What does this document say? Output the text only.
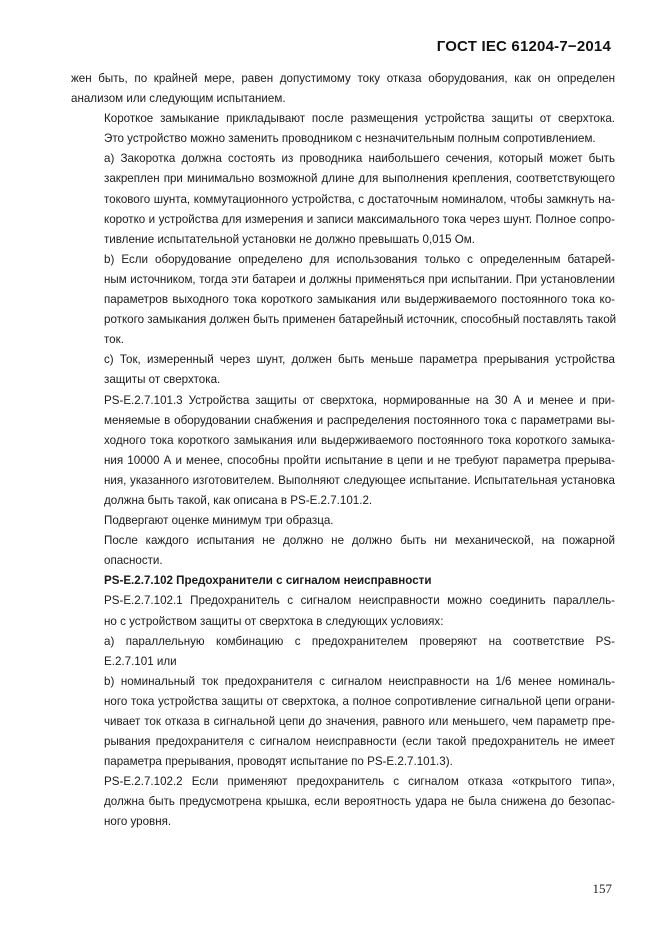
ГОСТ IEC 61204-7−2014

жен быть, по крайней мере, равен допустимому току отказа оборудования, как он определен
анализом или следующим испытанием.

Короткое замыкание прикладывают после размещения устройства защиты от сверхтока.
Это устройство можно заменить проводником с незначительным полным сопротивлением.

a) Закоротка должна состоять из проводника наибольшего сечения, который может быть
закреплен при минимально возможной длине для выполнения крепления, соответствующего
токового шунта, коммутационного устройства, с достаточным номиналом, чтобы замкнуть на-
коротко и устройства для измерения и записи максимального тока через шунт. Полное сопро-
тивление испытательной установки не должно превышать 0,015 Ом.

b) Если оборудование определено для использования только с определенным батарей-
ным источником, тогда эти батареи и должны применяться при испытании. При установлении
параметров выходного тока короткого замыкания или выдерживаемого постоянного тока ко-
роткого замыкания должен быть применен батарейный источник, способный поставлять такой
ток.

c) Ток, измеренный через шунт, должен быть меньше параметра прерывания устройства
защиты от сверхтока.

PS-E.2.7.101.3 Устройства защиты от сверхтока, нормированные на 30 А и менее и при-
меняемые в оборудовании снабжения и распределения постоянного тока с параметрами вы-
ходного тока короткого замыкания или выдерживаемого постоянного тока короткого замыка-
ния 10000 А и менее, способны пройти испытание в цепи и не требуют параметра прерыва-
ния, указанного изготовителем. Выполняют следующее испытание. Испытательная установка
должна быть такой, как описана в PS-E.2.7.101.2.

Подвергают оценке минимум три образца.

После каждого испытания не должно не должно быть ни механической, на пожарной
опасности.

PS-E.2.7.102 Предохранители с сигналом неисправности

PS-E.2.7.102.1 Предохранитель с сигналом неисправности можно соединить параллель-
но с устройством защиты от сверхтока в следующих условиях:

a) параллельную комбинацию с предохранителем проверяют на соответствие PS-
E.2.7.101 или

b) номинальный ток предохранителя с сигналом неисправности на 1/6 менее номиналь-
ного тока устройства защиты от сверхтока, а полное сопротивление сигнальной цепи ограни-
чивает ток отказа в сигнальной цепи до значения, равного или меньшего, чем параметр пре-
рывания предохранителя с сигналом неисправности (если такой предохранитель не имеет
параметра прерывания, проводят испытание по PS-E.2.7.101.3).

PS-E.2.7.102.2 Если применяют предохранитель с сигналом отказа «открытого типа»,
должна быть предусмотрена крышка, если вероятность удара не была снижена до безопас-
ного уровня.

157
